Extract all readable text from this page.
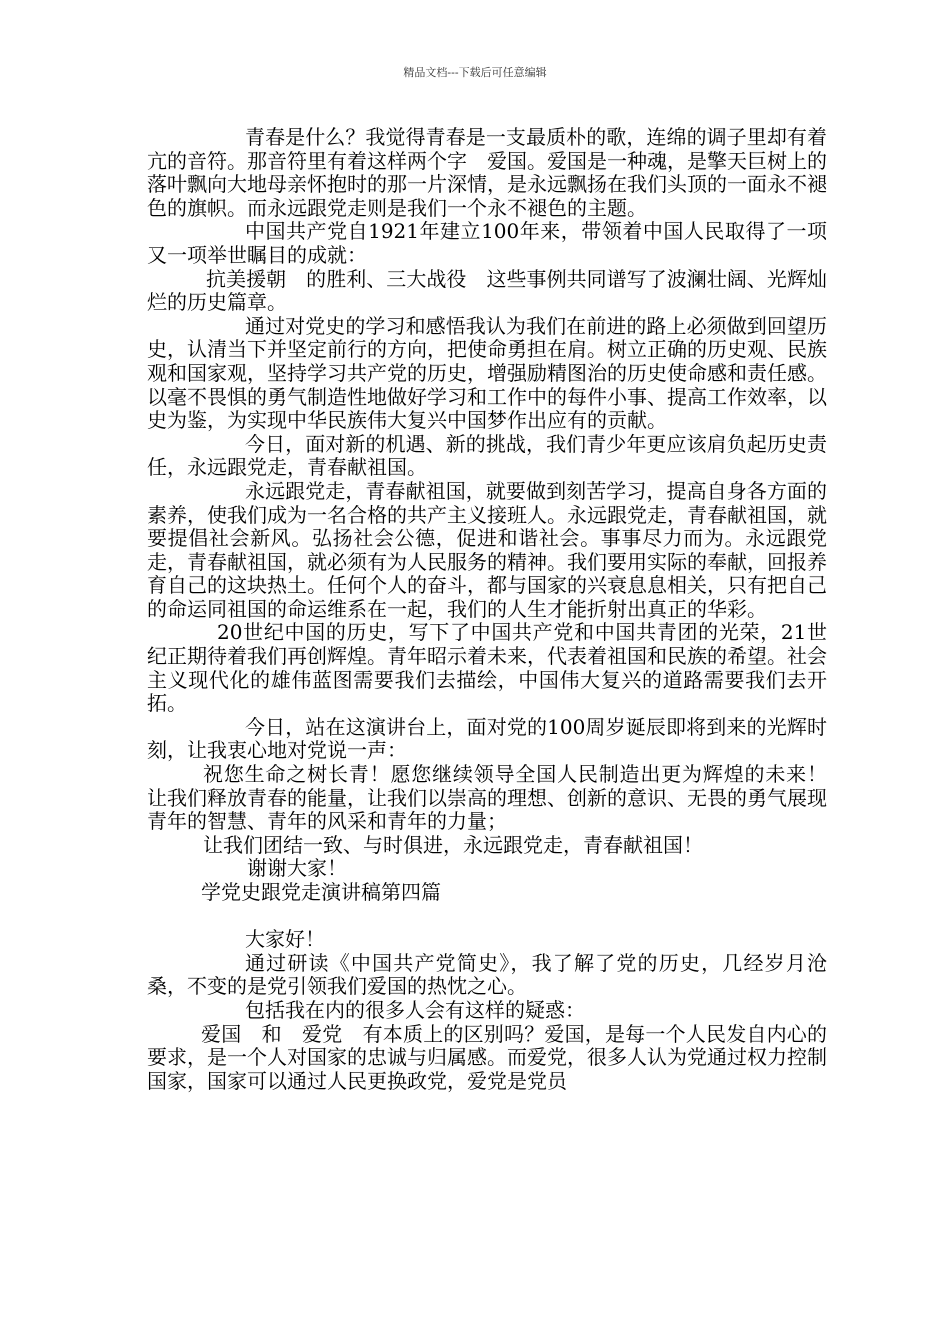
精品文档---下载后可任意编辑

青春是什么？我觉得青春是一支最质朴的歌，连绵的调子里却有着亢的音符。那音符里有着这样两个字　爱国。爱国是一种魂，是擎天巨树上的落叶飘向大地母亲怀抱时的那一片深情，是永远飘扬在我们头顶的一面永不褪色的旗帜。而永远跟党走则是我们一个永不褪色的主题。

中国共产党自1921年建立100年来，带领着中国人民取得了一项又一项举世瞩目的成就：

抗美援朝　的胜利、三大战役　这些事例共同谱写了波澜壮阔、光辉灿烂的历史篇章。

通过对党史的学习和感悟我认为我们在前进的路上必须做到回望历史，认清当下并坚定前行的方向，把使命勇担在肩。树立正确的历史观、民族观和国家观，坚持学习共产党的历史，增强励精图治的历史使命感和责任感。以毫不畏惧的勇气制造性地做好学习和工作中的每件小事、提高工作效率，以史为鉴，为实现中华民族伟大复兴中国梦作出应有的贡献。

今日，面对新的机遇、新的挑战，我们青少年更应该肩负起历史责任，永远跟党走，青春献祖国。

永远跟党走，青春献祖国，就要做到刻苦学习，提高自身各方面的素养，使我们成为一名合格的共产主义接班人。永远跟党走，青春献祖国，就要提倡社会新风。弘扬社会公德，促进和谐社会。事事尽力而为。永远跟党走，青春献祖国，就必须有为人民服务的精神。我们要用实际的奉献，回报养育自己的这块热土。任何个人的奋斗，都与国家的兴衰息息相关，只有把自己的命运同祖国的命运维系在一起，我们的人生才能折射出真正的华彩。

20世纪中国的历史，写下了中国共产党和中国共青团的光荣，21世纪正期待着我们再创辉煌。青年昭示着未来，代表着祖国和民族的希望。社会主义现代化的雄伟蓝图需要我们去描绘，中国伟大复兴的道路需要我们去开拓。

今日，站在这演讲台上，面对党的100周岁诞辰即将到来的光辉时刻，让我衷心地对党说一声：

祝您生命之树长青！愿您继续领导全国人民制造出更为辉煌的未来！　让我们释放青春的能量，让我们以崇高的理想、创新的意识、无畏的勇气展现青年的智慧、青年的风采和青年的力量；

让我们团结一致、与时俱进，永远跟党走，青春献祖国！

谢谢大家！

学党史跟党走演讲稿第四篇

大家好！

通过研读《中国共产党简史》，我了解了党的历史，几经岁月沧桑，不变的是党引领我们爱国的热忱之心。

包括我在内的很多人会有这样的疑惑：

爱国　和　爱党　有本质上的区别吗？爱国，是每一个人民发自内心的要求，是一个人对国家的忠诚与归属感。而爱党，很多人认为党通过权力控制国家，国家可以通过人民更换政党，爱党是党员
